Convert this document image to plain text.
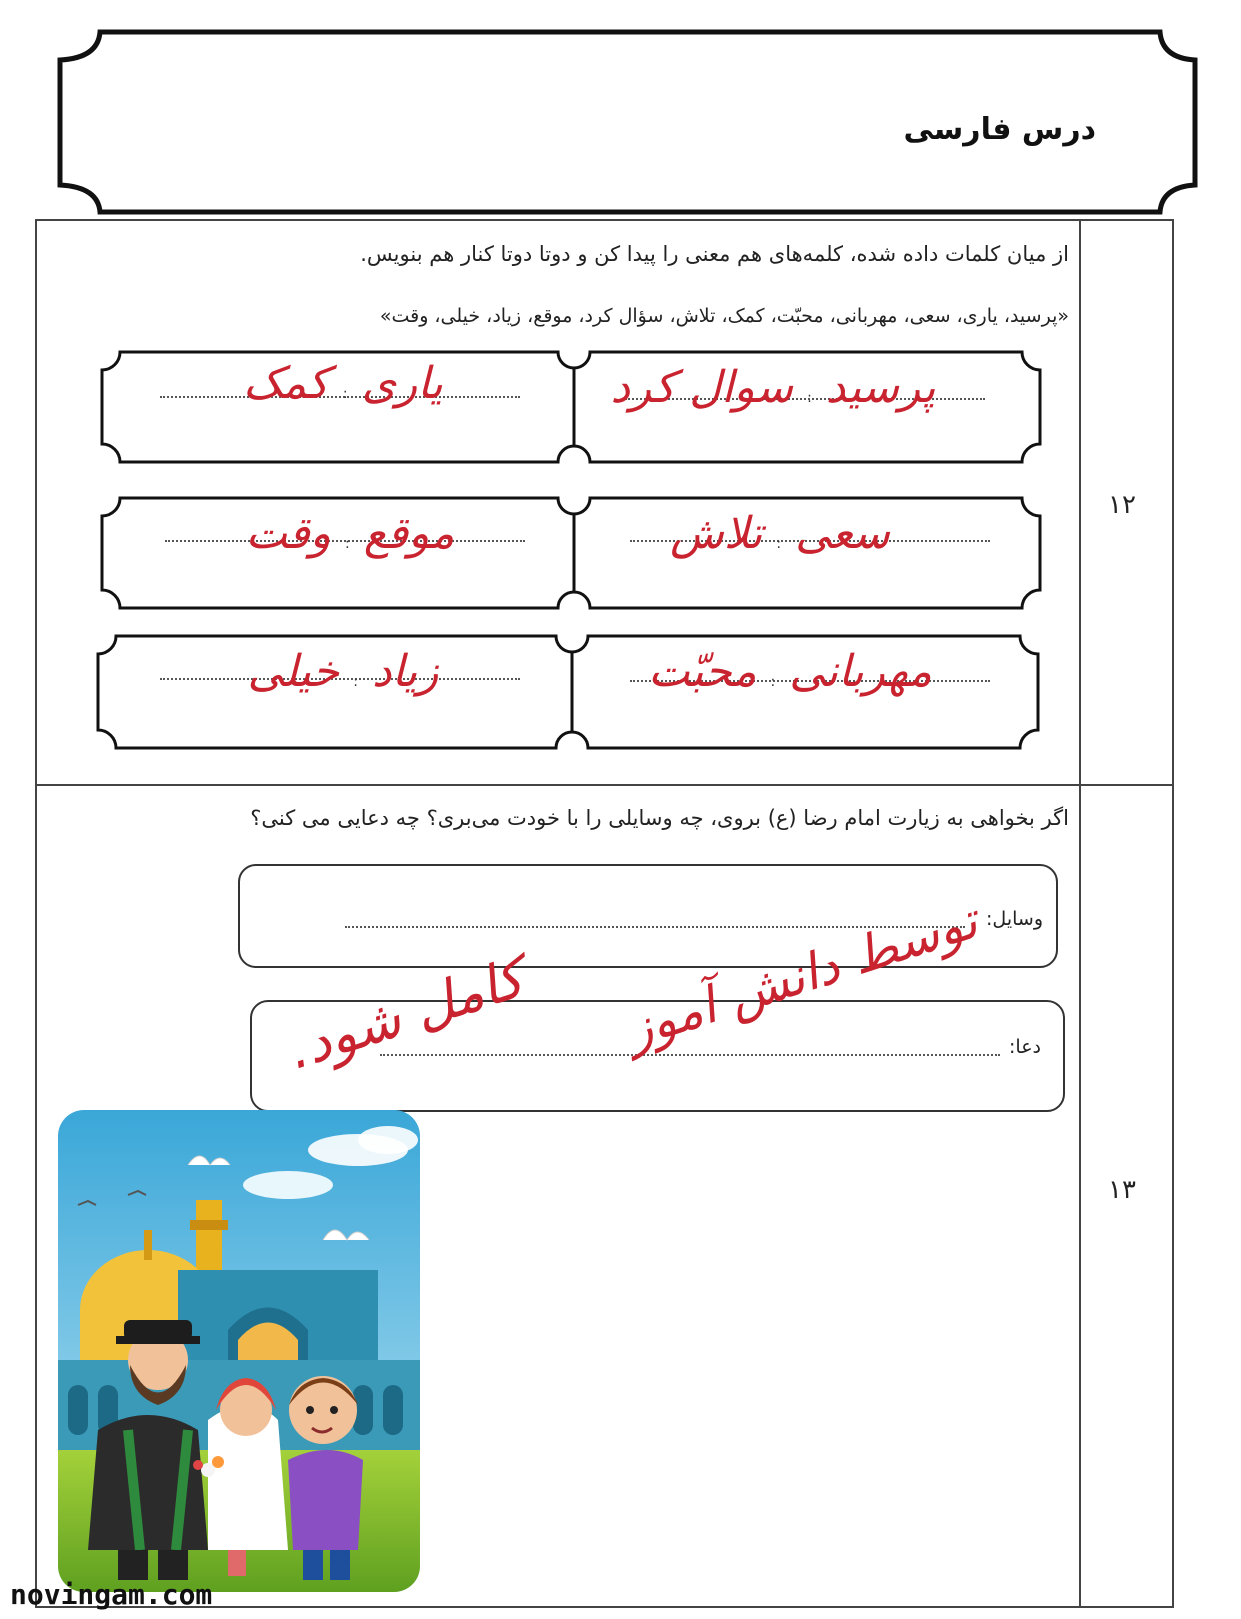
درس فارسی
۱۲
از میان کلمات داده شده، کلمه‌های هم معنی را پیدا کن و دوتا دوتا کنار هم بنویس.
«پرسید، یاری، سعی، مهربانی، محبّت، کمک، تلاش، سؤال کرد، موقع، زیاد، خیلی، وقت»
پرسید : سوال کرد
یاری : کمک
سعی : تلاش
موقع : وقت
مهربانی : محبّت
زیاد : خیلی
۱۳
اگر بخواهی به زیارت امام رضا (ع) بروی، چه وسایلی را با خودت می‌بری؟ چه دعایی می کنی؟
وسایل:
دعا:
توسط دانش آموز
کامل شود.
novingam.com
